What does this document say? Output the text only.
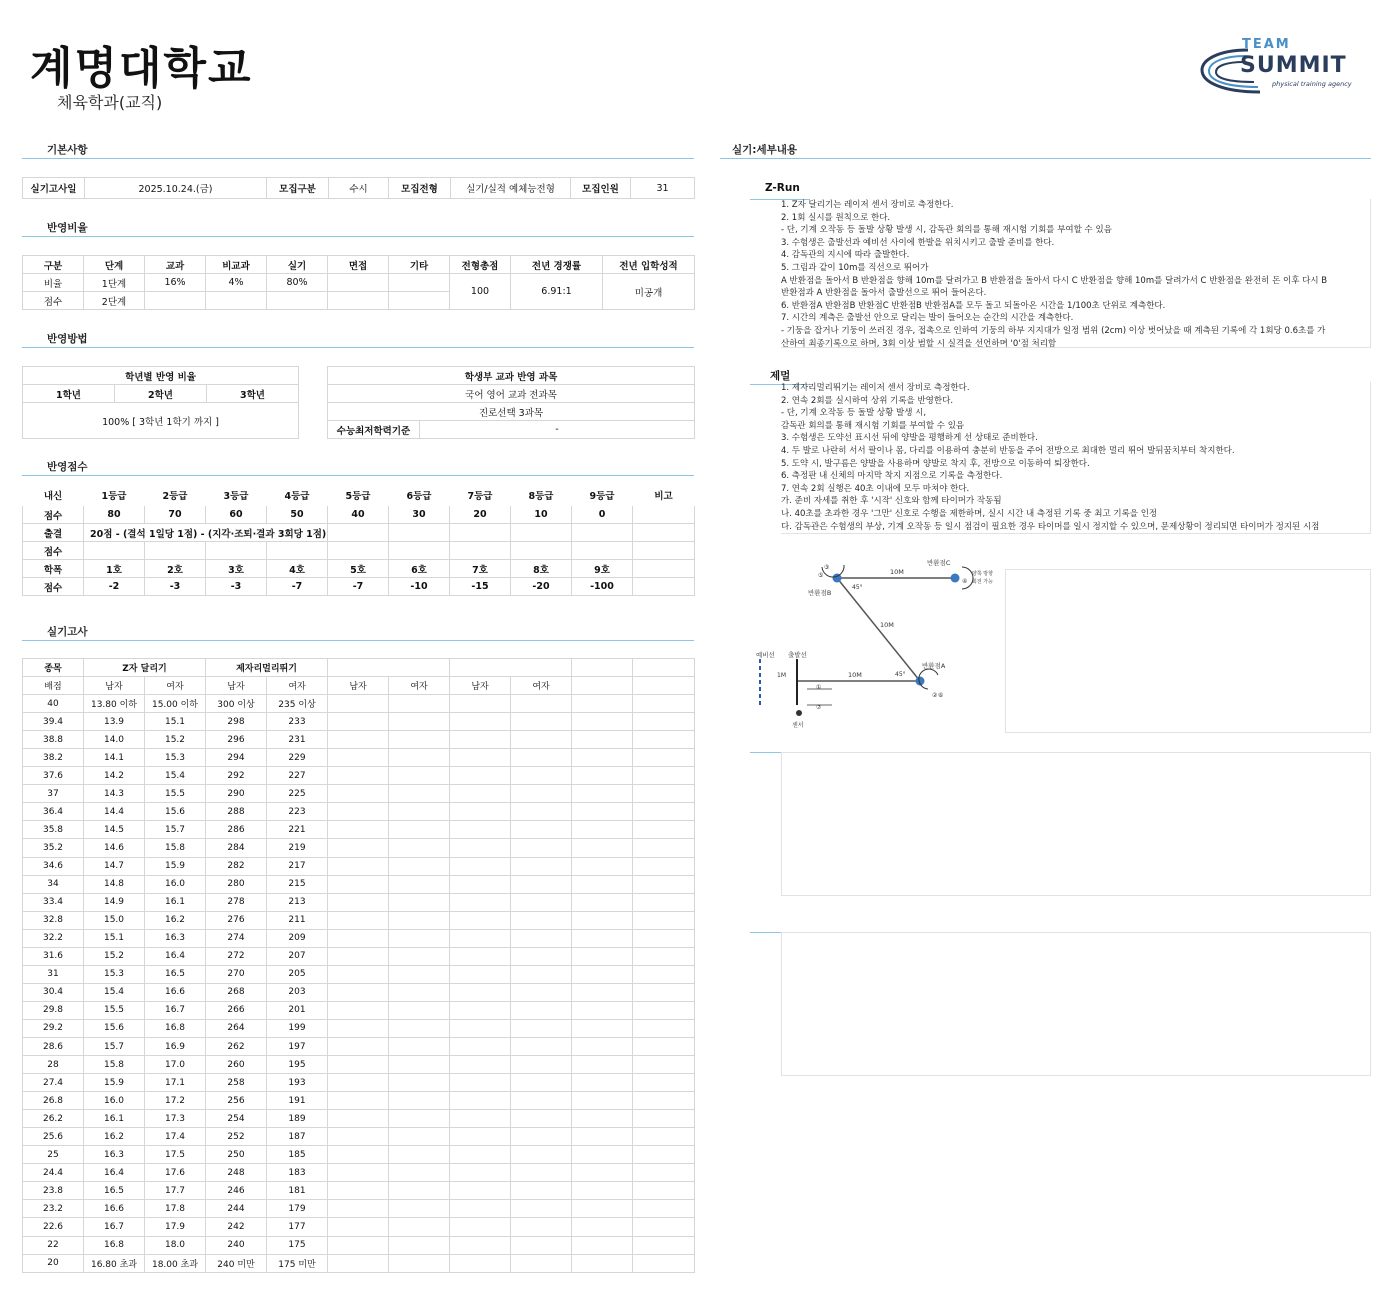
계명대학교
체육학과(교직)
TEAM
SUMMIT
physical training agency
기본사항
실기고사일	2025.10.24.(금)	모집구분	수시	모집전형	실기/실적 예체능전형	모집인원	31
반영비율
구분	단계	교과	비교과	실기	면접	기타	전형총점	전년 경쟁률	전년 입학성적
비율	1단계	16%	4%	80%			100	6.91:1	미공개
점수	2단계								
반영방법
학년별 반영 비율
1학년	2학년	3학년
100% [ 3학년 1학기 까지 ]
학생부 교과 반영 과목
국어 영어 교과 전과목
진로선택 3과목
수능최저학력기준	-
반영점수
내신	1등급	2등급	3등급	4등급	5등급	6등급	7등급	8등급	9등급	비고
점수	80	70	60	50	40	30	20	10	0	
출결	20점 - (결석 1일당 1점) - (지각·조퇴·결과 3회당 1점)									
점수										
학폭	1호	2호	3호	4호	5호	6호	7호	8호	9호	
점수	-2	-3	-3	-7	-7	-10	-15	-20	-100	
실기고사
종목	Z자 달리기		제자리멀리뛰기							
배점	남자	여자	남자	여자	남자	여자	남자	여자		
40	13.80 이하	15.00 이하	300 이상	235 이상						
39.4	13.9	15.1	298	233						
38.8	14.0	15.2	296	231						
38.2	14.1	15.3	294	229						
37.6	14.2	15.4	292	227						
37	14.3	15.5	290	225						
36.4	14.4	15.6	288	223						
35.8	14.5	15.7	286	221						
35.2	14.6	15.8	284	219						
34.6	14.7	15.9	282	217						
34	14.8	16.0	280	215						
33.4	14.9	16.1	278	213						
32.8	15.0	16.2	276	211						
32.2	15.1	16.3	274	209						
31.6	15.2	16.4	272	207						
31	15.3	16.5	270	205						
30.4	15.4	16.6	268	203						
29.8	15.5	16.7	266	201						
29.2	15.6	16.8	264	199						
28.6	15.7	16.9	262	197						
28	15.8	17.0	260	195						
27.4	15.9	17.1	258	193						
26.8	16.0	17.2	256	191						
26.2	16.1	17.3	254	189						
25.6	16.2	17.4	252	187						
25	16.3	17.5	250	185						
24.4	16.4	17.6	248	183						
23.8	16.5	17.7	246	181						
23.2	16.6	17.8	244	179						
22.6	16.7	17.9	242	177						
22	16.8	18.0	240	175						
20	16.80 초과	18.00 초과	240 미만	175 미만						
실기:세부내용
Z-Run
1. Z자 달리기는 레이저 센서 장비로 측정한다.
2. 1회 실시를 원칙으로 한다.
- 단, 기계 오작동 등 돌발 상황 발생 시, 감독관 회의를 통해 재시험 기회를 부여할 수 있음
3. 수험생은 출발선과 예비선 사이에 한발을 위치시키고 출발 준비를 한다.
4. 감독관의 지시에 따라 출발한다.
5. 그림과 같이 10m를 직선으로 뛰어가
A 반환점을 돌아서 B 반환점을 향해 10m를 달려가고 B 반환점을 돌아서 다시 C 반환점을 향해 10m를 달려가서 C 반환점을 완전히 돈 이후 다시 B
반환점과 A 반환점을 돌아서 출발선으로 뛰어 들어온다.
6. 반환점A 반환점B 반환점C 반환점B 반환점A를 모두 돌고 되돌아온 시간을 1/100초 단위로 계측한다.
7. 시간의 계측은 출발선 안으로 달리는 발이 들어오는 순간의 시간을 계측한다.
- 기둥을 잡거나 기둥이 쓰러진 경우, 접촉으로 인하여 기둥의 하부 지지대가 일정 범위 (2cm) 이상 벗어났을 때 계측된 기록에 각 1회당 0.6초를 가
산하여 최종기록으로 하며, 3회 이상 범할 시 실격을 선언하며 '0'점 처리함
제멀
1. 제자리멀리뛰기는 레이저 센서 장비로 측정한다.
2. 연속 2회를 실시하여 상위 기록을 반영한다.
- 단, 기계 오작동 등 돌발 상황 발생 시,
감독관 회의를 통해 재시험 기회를 부여할 수 있음
3. 수험생은 도약선 표시선 뒤에 양발을 평행하게 선 상태로 준비한다.
4. 두 발로 나란히 서서 팔이나 몸, 다리를 이용하여 충분히 반동을 주어 전방으로 최대한 멀리 뛰어 발뒤꿈치부터 착지한다.
5. 도약 시, 발구름은 양발을 사용하며 양발로 착지 후, 전방으로 이동하여 퇴장한다.
6. 측정판 내 신체의 마지막 착지 지점으로 기록을 측정한다.
7. 연속 2회 실행은 40초 이내에 모두 마쳐야 한다.
가. 준비 자세를 취한 후 '시작' 신호와 함께 타이머가 작동됨
나. 40초를 초과한 경우 '그만' 신호로 수행을 제한하며, 실시 시간 내 측정된 기록 중 최고 기록을 인정
다. 감독관은 수험생의 부상, 기계 오작동 등 일시 점검이 필요한 경우 타이머를 일시 정지할 수 있으며, 문제상황이 정리되면 타이머가 정지된 시점
반환점C
양쪽 방향
회전 가능
반환점B
반환점A
10M
10M
10M
45°
45°
예비선 출발선
1M
센서
①
②
③
④
⑤
⑥
⑦
